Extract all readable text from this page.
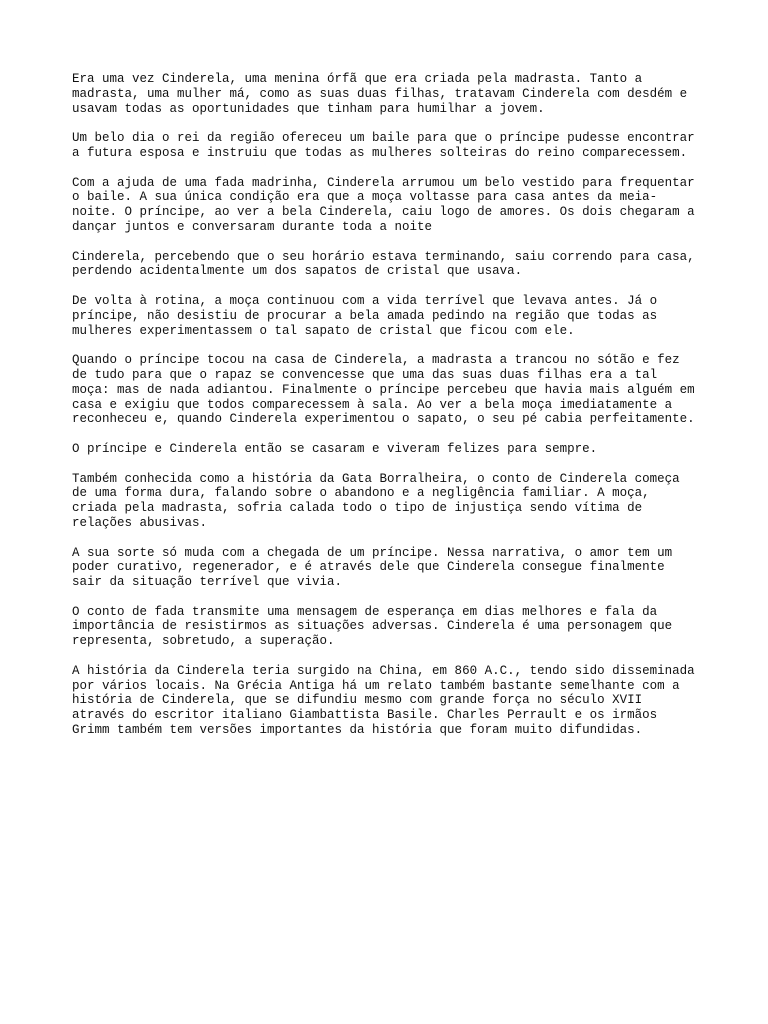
Era uma vez Cinderela, uma menina órfã que era criada pela madrasta. Tanto a
madrasta, uma mulher má, como as suas duas filhas, tratavam Cinderela com desdém e
usavam todas as oportunidades que tinham para humilhar a jovem.

Um belo dia o rei da região ofereceu um baile para que o príncipe pudesse encontrar
a futura esposa e instruiu que todas as mulheres solteiras do reino comparecessem.

Com a ajuda de uma fada madrinha, Cinderela arrumou um belo vestido para frequentar
o baile. A sua única condição era que a moça voltasse para casa antes da meia-
noite. O príncipe, ao ver a bela Cinderela, caiu logo de amores. Os dois chegaram a
dançar juntos e conversaram durante toda a noite

Cinderela, percebendo que o seu horário estava terminando, saiu correndo para casa,
perdendo acidentalmente um dos sapatos de cristal que usava.

De volta à rotina, a moça continuou com a vida terrível que levava antes. Já o
príncipe, não desistiu de procurar a bela amada pedindo na região que todas as
mulheres experimentassem o tal sapato de cristal que ficou com ele.

Quando o príncipe tocou na casa de Cinderela, a madrasta a trancou no sótão e fez
de tudo para que o rapaz se convencesse que uma das suas duas filhas era a tal
moça: mas de nada adiantou. Finalmente o príncipe percebeu que havia mais alguém em
casa e exigiu que todos comparecessem à sala. Ao ver a bela moça imediatamente a
reconheceu e, quando Cinderela experimentou o sapato, o seu pé cabia perfeitamente.

O príncipe e Cinderela então se casaram e viveram felizes para sempre.

Também conhecida como a história da Gata Borralheira, o conto de Cinderela começa
de uma forma dura, falando sobre o abandono e a negligência familiar. A moça,
criada pela madrasta, sofria calada todo o tipo de injustiça sendo vítima de
relações abusivas.

A sua sorte só muda com a chegada de um príncipe. Nessa narrativa, o amor tem um
poder curativo, regenerador, e é através dele que Cinderela consegue finalmente
sair da situação terrível que vivia.

O conto de fada transmite uma mensagem de esperança em dias melhores e fala da
importância de resistirmos as situações adversas. Cinderela é uma personagem que
representa, sobretudo, a superação.

A história da Cinderela teria surgido na China, em 860 A.C., tendo sido disseminada
por vários locais. Na Grécia Antiga há um relato também bastante semelhante com a
história de Cinderela, que se difundiu mesmo com grande força no século XVII
através do escritor italiano Giambattista Basile. Charles Perrault e os irmãos
Grimm também tem versões importantes da história que foram muito difundidas.
